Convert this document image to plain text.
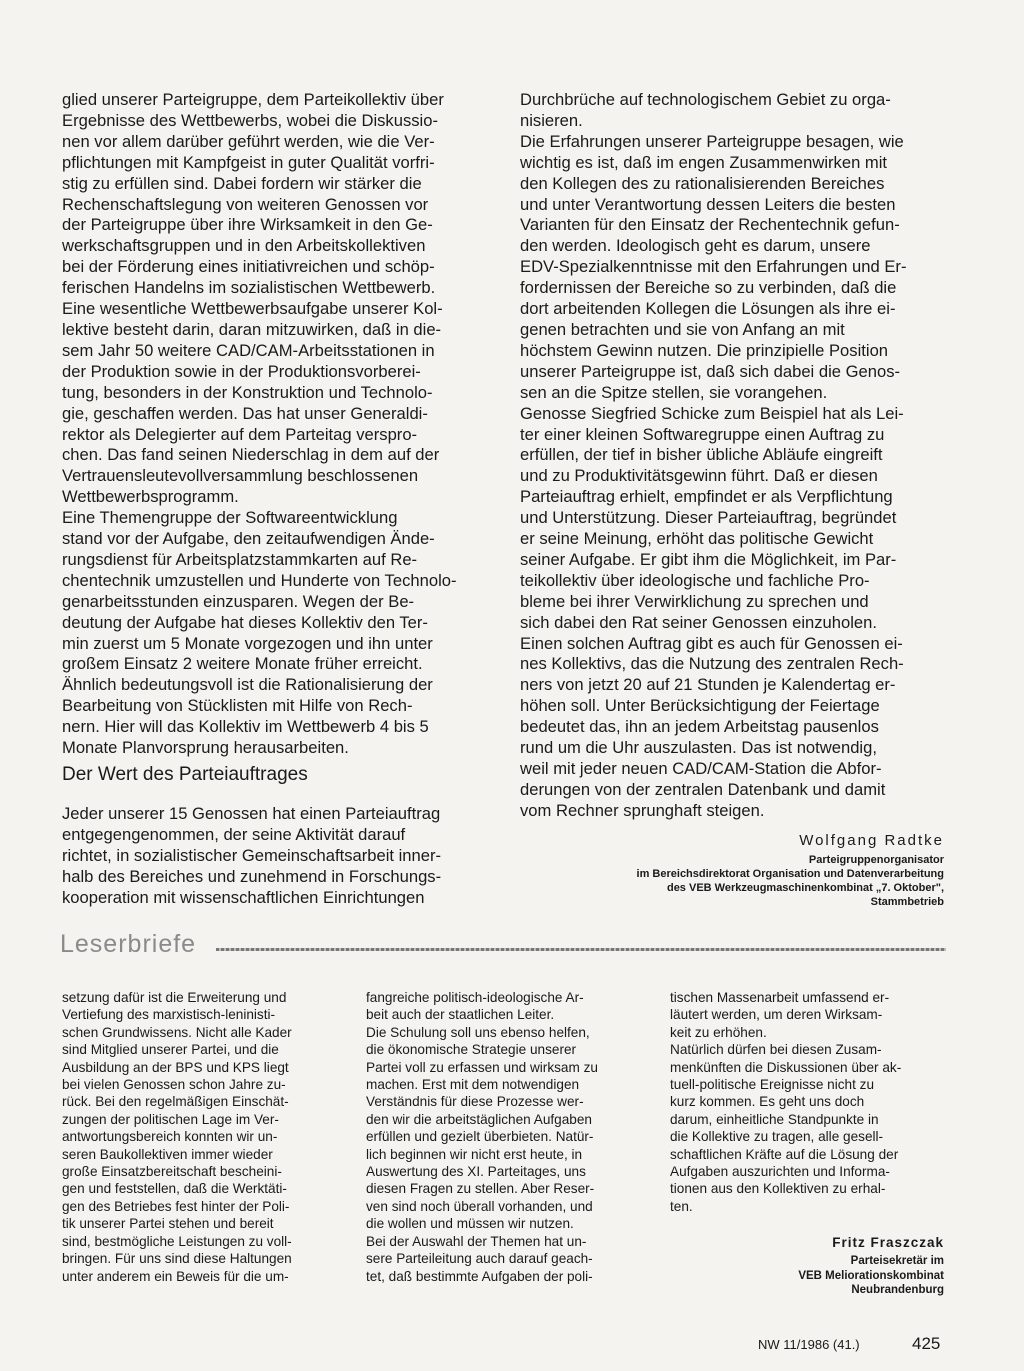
glied unserer Parteigruppe, dem Parteikollektiv über
Ergebnisse des Wettbewerbs, wobei die Diskussio-
nen vor allem darüber geführt werden, wie die Ver-
pflichtungen mit Kampfgeist in guter Qualität vorfri-
stig zu erfüllen sind. Dabei fordern wir stärker die
Rechenschaftslegung von weiteren Genossen vor
der Parteigruppe über ihre Wirksamkeit in den Ge-
werkschaftsgruppen und in den Arbeitskollektiven
bei der Förderung eines initiativreichen und schöp-
ferischen Handelns im sozialistischen Wettbewerb.
Eine wesentliche Wettbewerbsaufgabe unserer Kol-
lektive besteht darin, daran mitzuwirken, daß in die-
sem Jahr 50 weitere CAD/CAM-Arbeitsstationen in
der Produktion sowie in der Produktionsvorberei-
tung, besonders in der Konstruktion und Technolo-
gie, geschaffen werden. Das hat unser Generaldi-
rektor als Delegierter auf dem Parteitag verspro-
chen. Das fand seinen Niederschlag in dem auf der
Vertrauensleutevollversammlung beschlossenen
Wettbewerbsprogramm.
Eine Themengruppe der Softwareentwicklung
stand vor der Aufgabe, den zeitaufwendigen Ände-
rungsdienst für Arbeitsplatzstammkarten auf Re-
chentechnik umzustellen und Hunderte von Technolo-
genarbeitsstunden einzusparen. Wegen der Be-
deutung der Aufgabe hat dieses Kollektiv den Ter-
min zuerst um 5 Monate vorgezogen und ihn unter
großem Einsatz 2 weitere Monate früher erreicht.
Ähnlich bedeutungsvoll ist die Rationalisierung der
Bearbeitung von Stücklisten mit Hilfe von Rech-
nern. Hier will das Kollektiv im Wettbewerb 4 bis 5
Monate Planvorsprung herausarbeiten.

Der Wert des Parteiauftrages

Jeder unserer 15 Genossen hat einen Parteiauftrag
entgegengenommen, der seine Aktivität darauf
richtet, in sozialistischer Gemeinschaftsarbeit inner-
halb des Bereiches und zunehmend in Forschungs-
kooperation mit wissenschaftlichen Einrichtungen

Durchbrüche auf technologischem Gebiet zu orga-
nisieren.
Die Erfahrungen unserer Parteigruppe besagen, wie
wichtig es ist, daß im engen Zusammenwirken mit
den Kollegen des zu rationalisierenden Bereiches
und unter Verantwortung dessen Leiters die besten
Varianten für den Einsatz der Rechentechnik gefun-
den werden. Ideologisch geht es darum, unsere
EDV-Spezialkenntnisse mit den Erfahrungen und Er-
fordernissen der Bereiche so zu verbinden, daß die
dort arbeitenden Kollegen die Lösungen als ihre ei-
genen betrachten und sie von Anfang an mit
höchstem Gewinn nutzen. Die prinzipielle Position
unserer Parteigruppe ist, daß sich dabei die Genos-
sen an die Spitze stellen, sie vorangehen.
Genosse Siegfried Schicke zum Beispiel hat als Lei-
ter einer kleinen Softwaregruppe einen Auftrag zu
erfüllen, der tief in bisher übliche Abläufe eingreift
und zu Produktivitätsgewinn führt. Daß er diesen
Parteiauftrag erhielt, empfindet er als Verpflichtung
und Unterstützung. Dieser Parteiauftrag, begründet
er seine Meinung, erhöht das politische Gewicht
seiner Aufgabe. Er gibt ihm die Möglichkeit, im Par-
teikollektiv über ideologische und fachliche Pro-
bleme bei ihrer Verwirklichung zu sprechen und
sich dabei den Rat seiner Genossen einzuholen.
Einen solchen Auftrag gibt es auch für Genossen ei-
nes Kollektivs, das die Nutzung des zentralen Rech-
ners von jetzt 20 auf 21 Stunden je Kalendertag er-
höhen soll. Unter Berücksichtigung der Feiertage
bedeutet das, ihn an jedem Arbeitstag pausenlos
rund um die Uhr auszulasten. Das ist notwendig,
weil mit jeder neuen CAD/CAM-Station die Abfor-
derungen von der zentralen Datenbank und damit
vom Rechner sprunghaft steigen.

Wolfgang Radtke
Parteigruppenorganisator
im Bereichsdirektorat Organisation und Datenverarbeitung
des VEB Werkzeugmaschinenkombinat „7. Oktober",
Stammbetrieb
Leserbriefe

setzung dafür ist die Erweiterung und
Vertiefung des marxistisch-leninisti-
schen Grundwissens. Nicht alle Kader
sind Mitglied unserer Partei, und die
Ausbildung an der BPS und KPS liegt
bei vielen Genossen schon Jahre zu-
rück. Bei den regelmäßigen Einschät-
zungen der politischen Lage im Ver-
antwortungsbereich konnten wir un-
seren Baukollektiven immer wieder
große Einsatzbereitschaft bescheini-
gen und feststellen, daß die Werktäti-
gen des Betriebes fest hinter der Poli-
tik unserer Partei stehen und bereit
sind, bestmögliche Leistungen zu voll-
bringen. Für uns sind diese Haltungen
unter anderem ein Beweis für die um-

fangreiche politisch-ideologische Ar-
beit auch der staatlichen Leiter.
Die Schulung soll uns ebenso helfen,
die ökonomische Strategie unserer
Partei voll zu erfassen und wirksam zu
machen. Erst mit dem notwendigen
Verständnis für diese Prozesse wer-
den wir die arbeitstäglichen Aufgaben
erfüllen und gezielt überbieten. Natür-
lich beginnen wir nicht erst heute, in
Auswertung des XI. Parteitages, uns
diesen Fragen zu stellen. Aber Reser-
ven sind noch überall vorhanden, und
die wollen und müssen wir nutzen.
Bei der Auswahl der Themen hat un-
sere Parteileitung auch darauf geach-
tet, daß bestimmte Aufgaben der poli-

tischen Massenarbeit umfassend er-
läutert werden, um deren Wirksam-
keit zu erhöhen.
Natürlich dürfen bei diesen Zusam-
menkünften die Diskussionen über ak-
tuell-politische Ereignisse nicht zu
kurz kommen. Es geht uns doch
darum, einheitliche Standpunkte in
die Kollektive zu tragen, alle gesell-
schaftlichen Kräfte auf die Lösung der
Aufgaben auszurichten und Informa-
tionen aus den Kollektiven zu erhal-
ten.

Fritz Fraszczak
Parteisekretär im
VEB Meliorationskombinat
Neubrandenburg
NW 11/1986 (41.)	425
